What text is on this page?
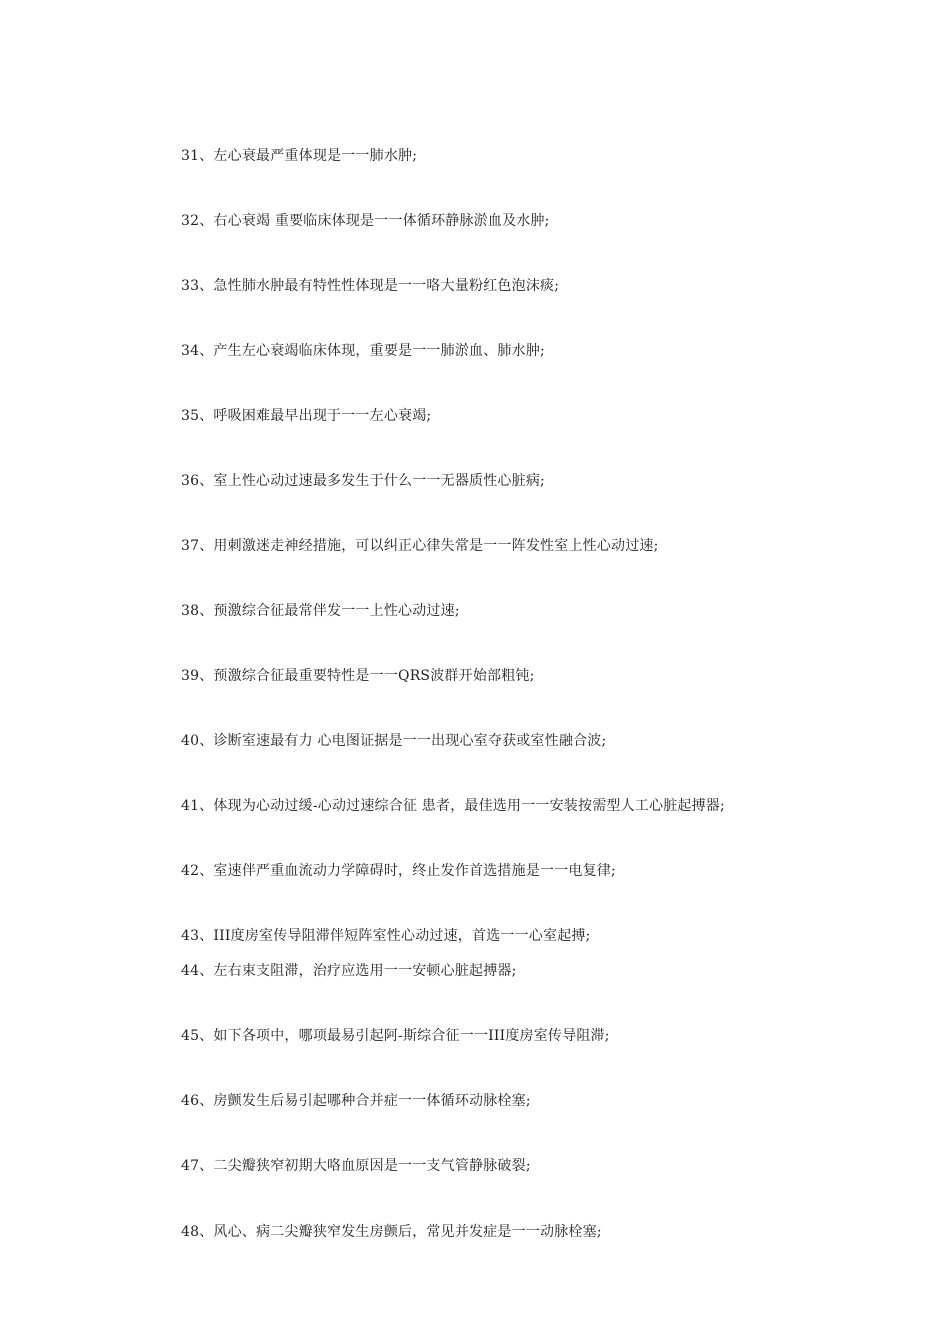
31、左心衰最严重体现是一一肺水肿;
32、右心衰竭 重要临床体现是一一体循环静脉淤血及水肿;
33、急性肺水肿最有特性性体现是一一咯大量粉红色泡沫痰;
34、产生左心衰竭临床体现，重要是一一肺淤血、肺水肿;
35、呼吸困难最早出现于一一左心衰竭;
36、室上性心动过速最多发生于什么一一无器质性心脏病;
37、用刺激迷走神经措施，可以纠正心律失常是一一阵发性室上性心动过速;
38、预激综合征最常伴发一一上性心动过速;
39、预激综合征最重要特性是一一QRS波群开始部粗钝;
40、诊断室速最有力 心电图证据是一一出现心室夺获或室性融合波;
41、体现为心动过缓-心动过速综合征 患者，最佳选用一一安装按需型人工心脏起搏器;
42、室速伴严重血流动力学障碍时，终止发作首选措施是一一电复律;
43、III度房室传导阻滞伴短阵室性心动过速，首选一一心室起搏;
44、左右束支阻滞，治疗应选用一一安顿心脏起搏器;
45、如下各项中，哪项最易引起阿-斯综合征一一III度房室传导阻滞;
46、房颤发生后易引起哪种合并症一一体循环动脉栓塞;
47、二尖瓣狭窄初期大咯血原因是一一支气管静脉破裂;
48、风心、病二尖瓣狭窄发生房颤后，常见并发症是一一动脉栓塞;
